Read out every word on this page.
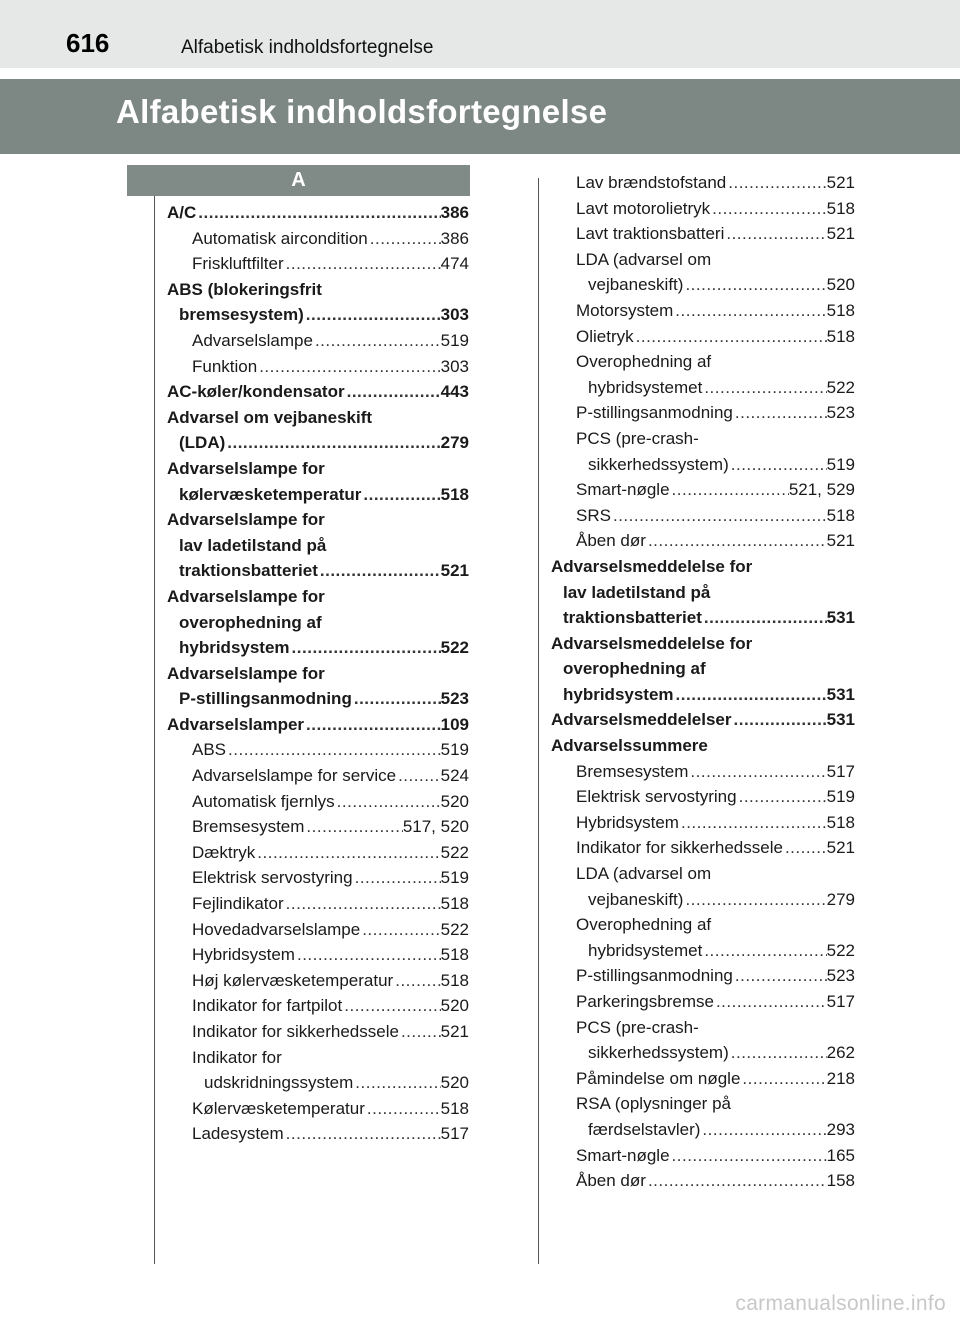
616	Alfabetisk indholdsfortegnelse
Alfabetisk indholdsfortegnelse
A
A/C .....	386
Automatisk aircondition .....	386
Friskluftfilter .....	474
ABS (blokeringsfrit
bremsesystem) .....	303
Advarselslampe .....	519
Funktion .....	303
AC-køler/kondensator .....	443
Advarsel om vejbaneskift
(LDA) .....	279
Advarselslampe for
kølervæsketemperatur .....	518
Advarselslampe for
lav ladetilstand på
traktionsbatteriet .....	521
Advarselslampe for
overophedning af
hybridsystem .....	522
Advarselslampe for
P-stillingsanmodning .....	523
Advarselslamper .....	109
ABS .....	519
Advarselslampe for service .....	524
Automatisk fjernlys .....	520
Bremsesystem .....	517, 520
Dæktryk .....	522
Elektrisk servostyring .....	519
Fejlindikator .....	518
Hovedadvarselslampe .....	522
Hybridsystem .....	518
Høj kølervæsketemperatur .....	518
Indikator for fartpilot .....	520
Indikator for sikkerhedssele ..... 521
Indikator for
udskridningssystem .....	520
Kølervæsketemperatur .....	518
Ladesystem .....	517
Lav brændstofstand .....	521
Lavt motorolietryk .....	518
Lavt traktionsbatteri .....	521
LDA (advarsel om
vejbaneskift) .....	520
Motorsystem .....	518
Olietryk .....	518
Overophedning af
hybridsystemet .....	522
P-stillingsanmodning .....	523
PCS (pre-crash-
sikkerhedssystem) .....	519
Smart-nøgle .....	521, 529
SRS .....	518
Åben dør .....	521
Advarselsmeddelelse for
lav ladetilstand på
traktionsbatteriet .....	531
Advarselsmeddelelse for
overophedning af
hybridsystem .....	531
Advarselsmeddelelser .....	531
Advarselssummere
Bremsesystem .....	517
Elektrisk servostyring .....	519
Hybridsystem .....	518
Indikator for sikkerhedssele .....	521
LDA (advarsel om
vejbaneskift) .....	279
Overophedning af
hybridsystemet .....	522
P-stillingsanmodning .....	523
Parkeringsbremse .....	517
PCS (pre-crash-
sikkerhedssystem) .....	262
Påmindelse om nøgle .....	218
RSA (oplysninger på
færdselstavler) .....	293
Smart-nøgle .....	165
Åben dør .....	158
carmanualsonline.info
